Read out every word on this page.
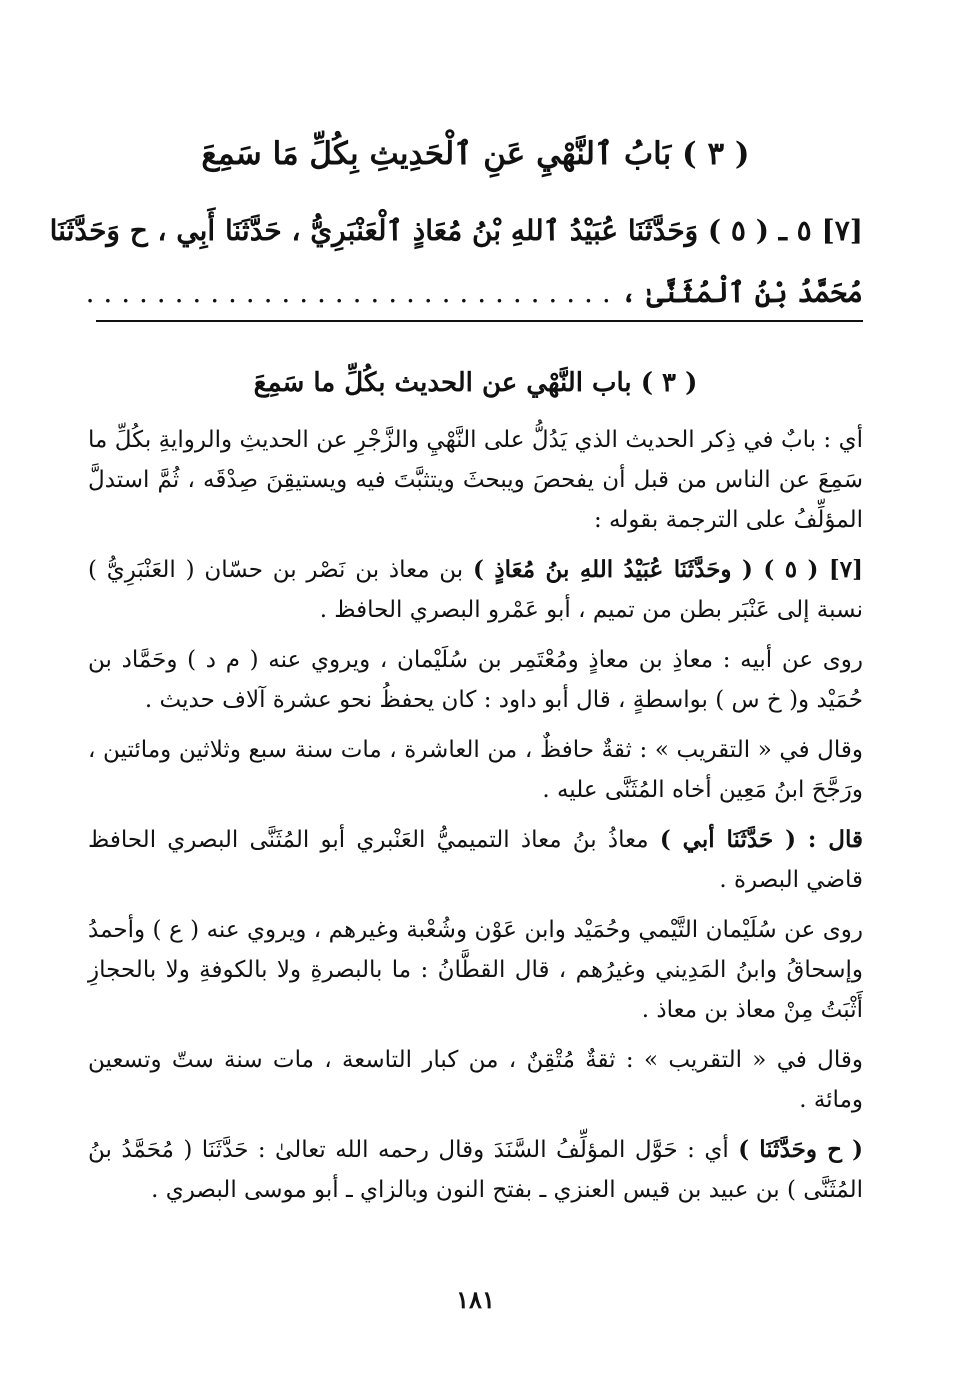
( ٣ ) بَابُ ٱلنَّهْيِ عَنِ ٱلْحَدِيثِ بِكُلِّ مَا سَمِعَ
[٧] ٥ ـ ( ٥ ) وَحَدَّثَنَا عُبَيْدُ ٱللهِ بْنُ مُعَاذٍ ٱلْعَنْبَرِيُّ ، حَدَّثَنَا أَبِي ، ح وَحَدَّثَنَا
مُحَمَّدُ بْنُ ٱلْمُثَنَّىٰ ، . . . . . . . . . . . . . . . . . . . . . . . . . . . . . .
( ٣ ) باب النَّهْي عن الحديث بكُلِّ ما سَمِعَ

أي : بابٌ في ذِكر الحديث الذي يَدُلُّ على النَّهْيِ والزَّجْرِ عن الحديثِ والروايةِ بكُلِّ ما سَمِعَ عن الناس من قبل أن يفحصَ ويبحثَ ويتثبَّتَ فيه ويستيقِنَ صِدْقَه ، ثُمَّ استدلَّ المؤلِّفُ على الترجمة بقوله :

[٧] ( ٥ ) ( وحَدَّثَنَا عُبَيْدُ اللهِ بنُ مُعَاذٍ ) بن معاذ بن نَصْر بن حسّان ( العَنْبَرِيُّ ) نسبة إلى عَنْبَر بطن من تميم ، أبو عَمْرو البصري الحافظ .

روى عن أبيه : معاذِ بن معاذٍ ومُعْتَمِر بن سُلَيْمان ، ويروي عنه ( م د ) وحَمَّاد بن حُمَيْد و( خ س ) بواسطةٍ ، قال أبو داود : كان يحفظُ نحو عشرة آلاف حديث .

وقال في « التقريب » : ثقةٌ حافظٌ ، من العاشرة ، مات سنة سبع وثلاثين ومائتين ، ورَجَّحَ ابنُ مَعِين أخاه المُثَنَّى عليه .

قال : ( حَدَّثَنَا أبي ) معاذُ بنُ معاذ التميميُّ العَنْبري أبو المُثَنَّى البصري الحافظ قاضي البصرة .

روى عن سُلَيْمان التَّيْمي وحُمَيْد وابن عَوْن وشُعْبة وغيرهم ، ويروي عنه ( ع ) وأحمدُ وإسحاقُ وابنُ المَدِيني وغيرُهم ، قال القطَّانُ : ما بالبصرةِ ولا بالكوفةِ ولا بالحجازِ أَثْبَتُ مِنْ معاذ بن معاذ .

وقال في « التقريب » : ثقةٌ مُتْقِنٌ ، من كبار التاسعة ، مات سنة ستّ وتسعين ومائة .

( ح وحَدَّثَنَا ) أي : حَوَّل المؤلِّفُ السَّنَدَ وقال رحمه الله تعالىٰ : حَدَّثَنَا ( مُحَمَّدُ بنُ المُثَنَّى ) بن عبيد بن قيس العنزي ـ بفتح النون وبالزاي ـ أبو موسى البصري .

١٨١
